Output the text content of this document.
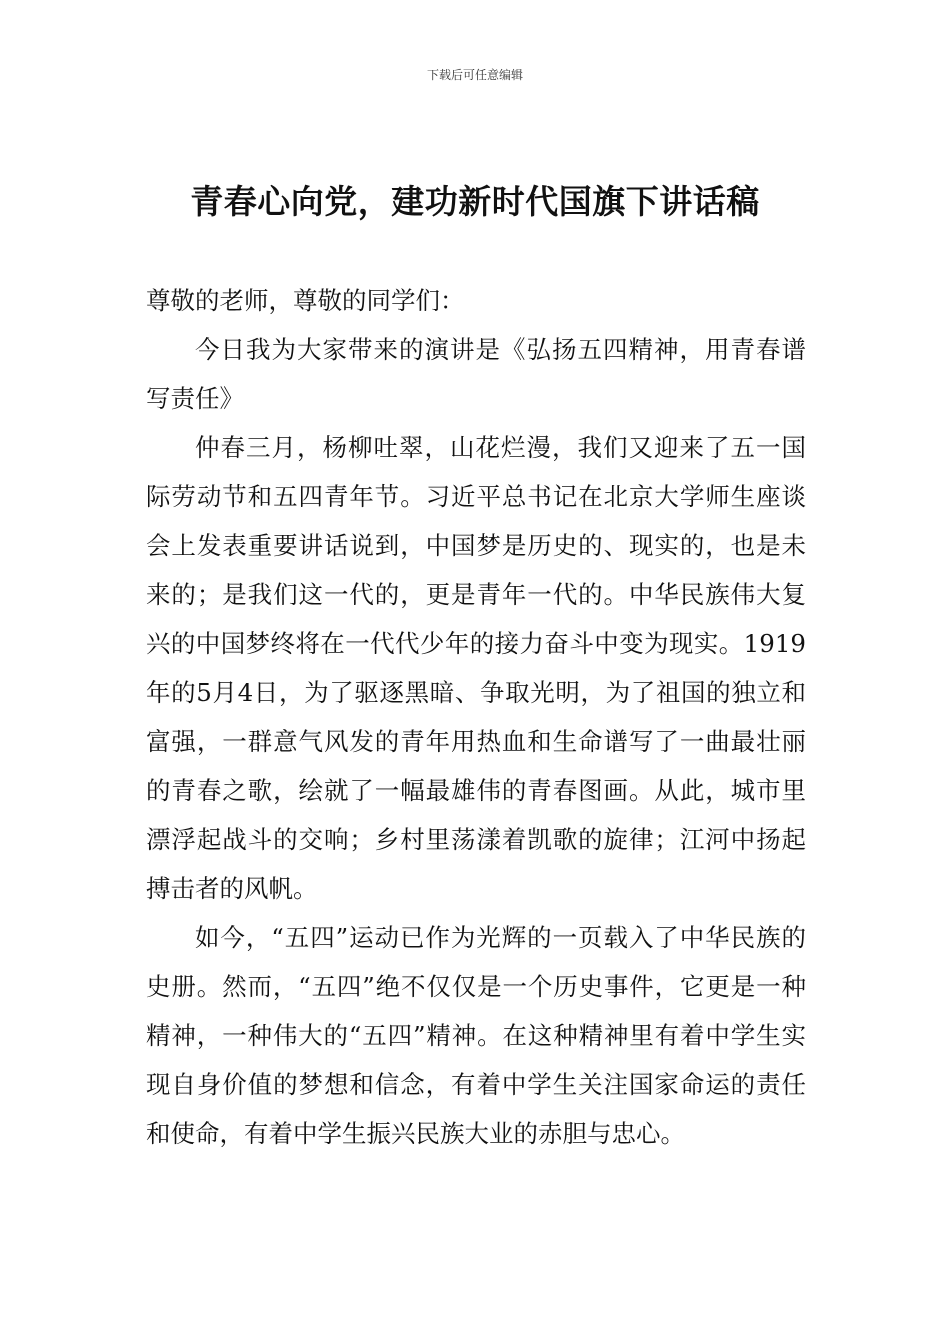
下载后可任意编辑
青春心向党，建功新时代国旗下讲话稿

尊敬的老师，尊敬的同学们：

今日我为大家带来的演讲是《弘扬五四精神，用青春谱写责任》

仲春三月，杨柳吐翠，山花烂漫，我们又迎来了五一国际劳动节和五四青年节。习近平总书记在北京大学师生座谈会上发表重要讲话说到，中国梦是历史的、现实的，也是未来的；是我们这一代的，更是青年一代的。中华民族伟大复兴的中国梦终将在一代代少年的接力奋斗中变为现实。1919年的5月4日，为了驱逐黑暗、争取光明，为了祖国的独立和富强，一群意气风发的青年用热血和生命谱写了一曲最壮丽的青春之歌，绘就了一幅最雄伟的青春图画。从此，城市里漂浮起战斗的交响；乡村里荡漾着凯歌的旋律；江河中扬起搏击者的风帆。

如今，“五四”运动已作为光辉的一页载入了中华民族的史册。然而，“五四”绝不仅仅是一个历史事件，它更是一种精神，一种伟大的“五四”精神。在这种精神里有着中学生实现自身价值的梦想和信念，有着中学生关注国家命运的责任和使命，有着中学生振兴民族大业的赤胆与忠心。
